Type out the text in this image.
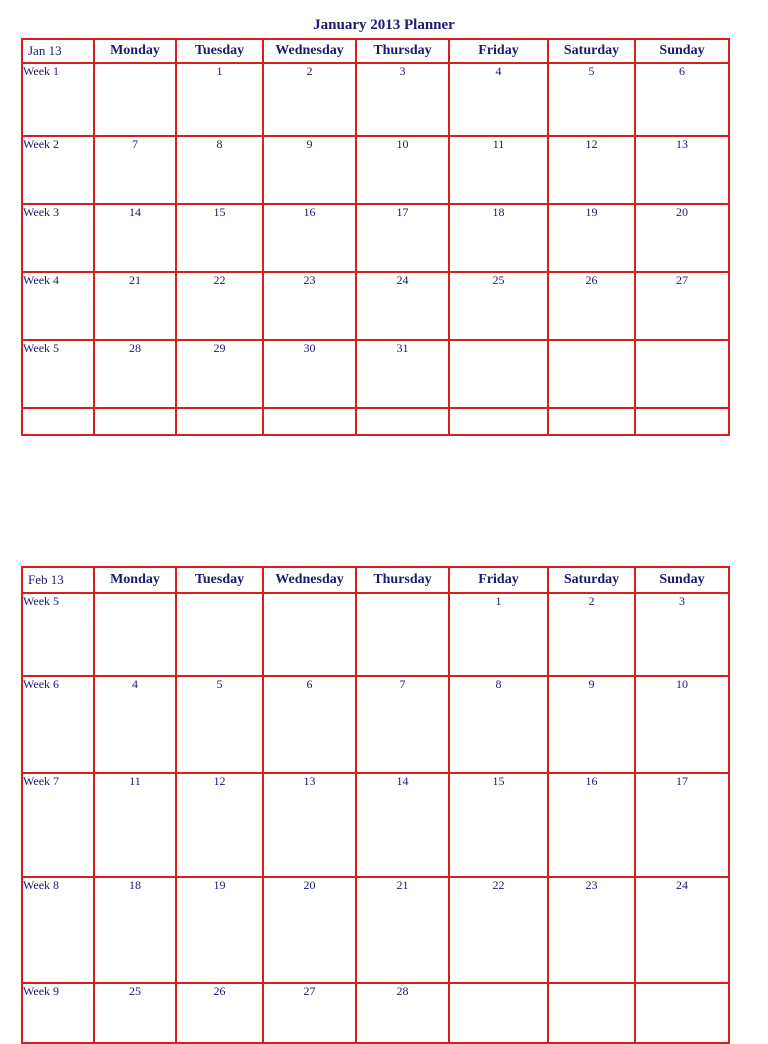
January 2013 Planner
Jan 13	Monday	Tuesday	Wednesday	Thursday	Friday	Saturday	Sunday
Week 1		1	2	3	4	5	6
Week 2	7	8	9	10	11	12	13
Week 3	14	15	16	17	18	19	20
Week 4	21	22	23	24	25	26	27
Week 5	28	29	30	31			

Feb 13	Monday	Tuesday	Wednesday	Thursday	Friday	Saturday	Sunday
Week 5					1	2	3
Week 6	4	5	6	7	8	9	10
Week 7	11	12	13	14	15	16	17
Week 8	18	19	20	21	22	23	24
Week 9	25	26	27	28			
